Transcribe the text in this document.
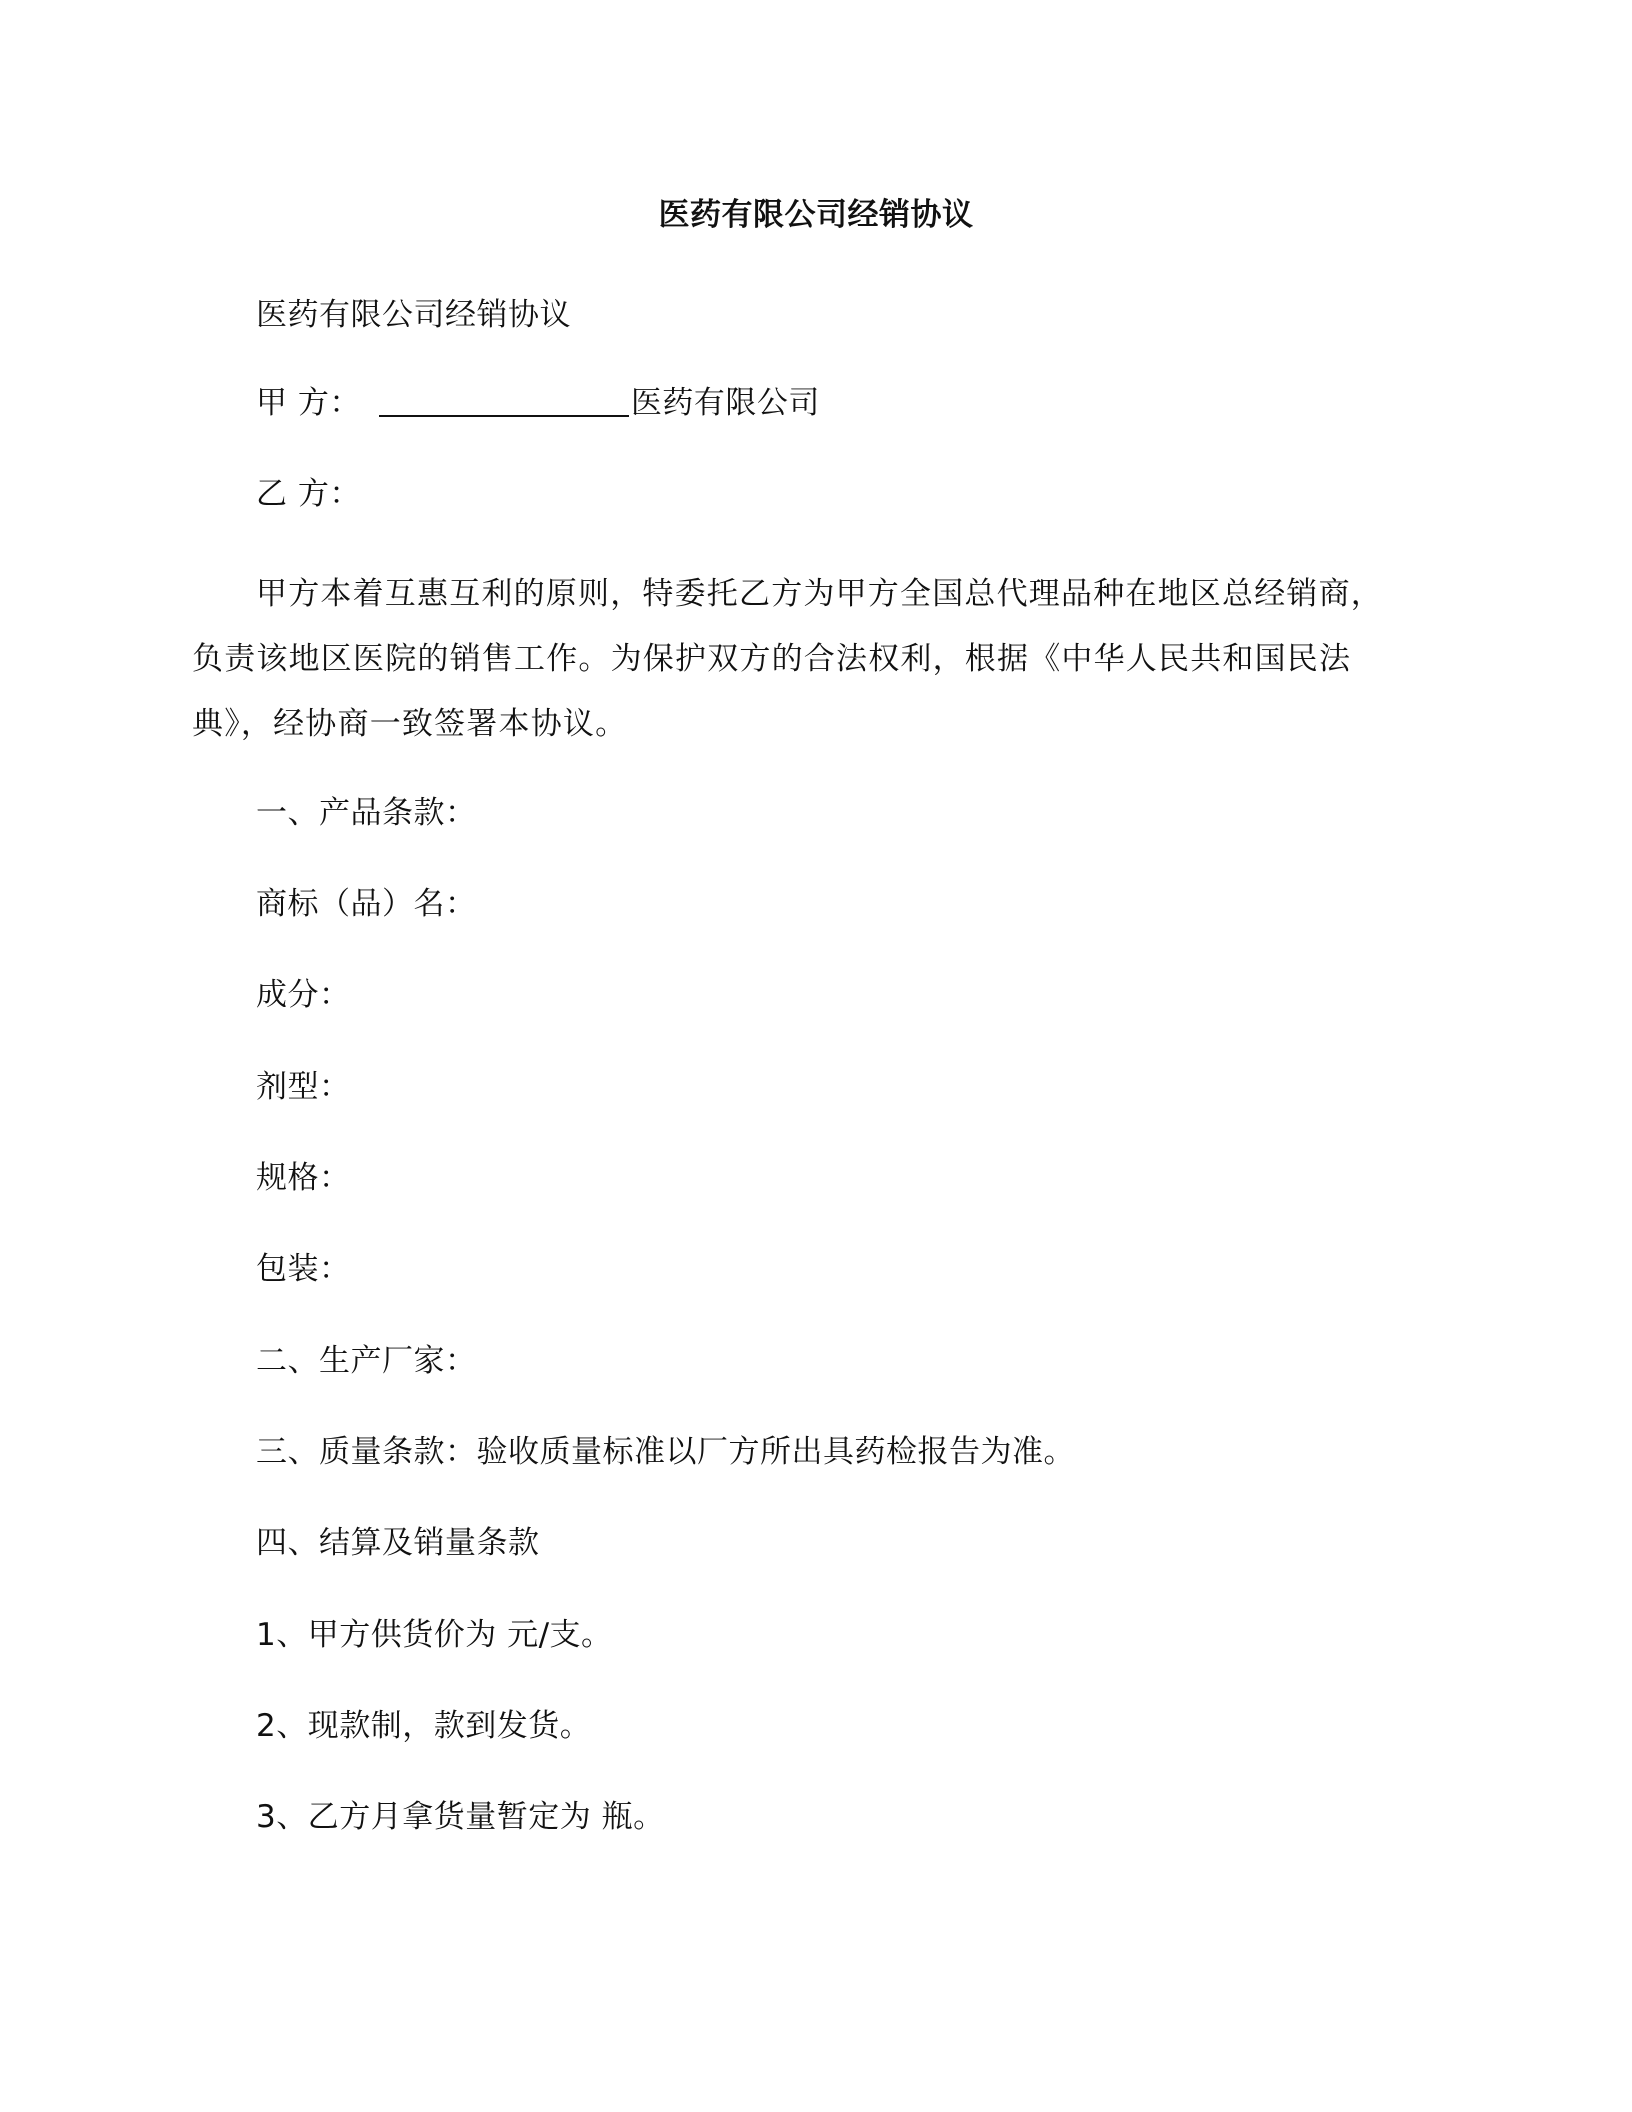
医药有限公司经销协议
医药有限公司经销协议
甲 方：	医药有限公司
乙 方：
甲方本着互惠互利的原则，特委托乙方为甲方全国总代理品种在地区总经销商，负责该地区医院的销售工作。为保护双方的合法权利，根据《中华人民共和国民法典》，经协商一致签署本协议。
一、产品条款：
商标（品）名：
成分：
剂型：
规格：
包装：
二、生产厂家：
三、质量条款：验收质量标准以厂方所出具药检报告为准。
四、结算及销量条款
1、甲方供货价为 元/支。
2、现款制，款到发货。
3、乙方月拿货量暂定为 瓶。
